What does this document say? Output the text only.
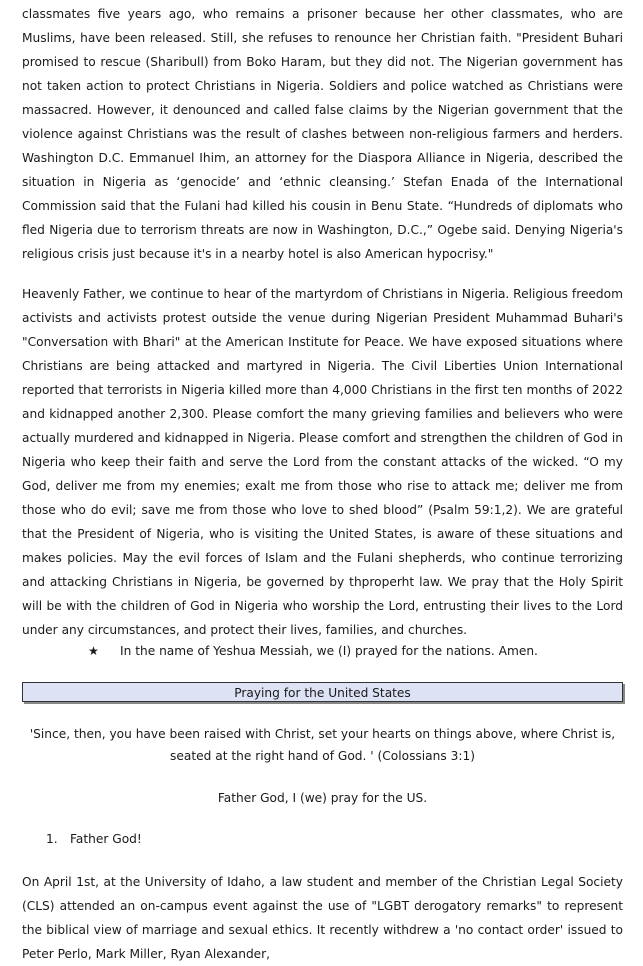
classmates five years ago, who remains a prisoner because her other classmates, who are Muslims, have been released. Still, she refuses to renounce her Christian faith. "President Buhari promised to rescue (Sharibull) from Boko Haram, but they did not. The Nigerian government has not taken action to protect Christians in Nigeria. Soldiers and police watched as Christians were massacred. However, it denounced and called false claims by the Nigerian government that the violence against Christians was the result of clashes between non-religious farmers and herders. Washington D.C. Emmanuel Ihim, an attorney for the Diaspora Alliance in Nigeria, described the situation in Nigeria as ‘genocide’ and ‘ethnic cleansing.’ Stefan Enada of the International Commission said that the Fulani had killed his cousin in Benu State. “Hundreds of diplomats who fled Nigeria due to terrorism threats are now in Washington, D.C.,” Ogebe said. Denying Nigeria's religious crisis just because it's in a nearby hotel is also American hypocrisy."

Heavenly Father, we continue to hear of the martyrdom of Christians in Nigeria. Religious freedom activists and activists protest outside the venue during Nigerian President Muhammad Buhari's "Conversation with Bhari" at the American Institute for Peace. We have exposed situations where Christians are being attacked and martyred in Nigeria. The Civil Liberties Union International reported that terrorists in Nigeria killed more than 4,000 Christians in the first ten months of 2022 and kidnapped another 2,300. Please comfort the many grieving families and believers who were actually murdered and kidnapped in Nigeria. Please comfort and strengthen the children of God in Nigeria who keep their faith and serve the Lord from the constant attacks of the wicked. “O my God, deliver me from my enemies; exalt me from those who rise to attack me; deliver me from those who do evil; save me from those who love to shed blood” (Psalm 59:1,2). We are grateful that the President of Nigeria, who is visiting the United States, is aware of these situations and makes policies. May the evil forces of Islam and the Fulani shepherds, who continue terrorizing and attacking Christians in Nigeria, be governed by thproperht law. We pray that the Holy Spirit will be with the children of God in Nigeria who worship the Lord, entrusting their lives to the Lord under any circumstances, and protect their lives, families, and churches.

★ In the name of Yeshua Messiah, we (I) prayed for the nations. Amen.
Praying for the United States
'Since, then, you have been raised with Christ, set your hearts on things above, where Christ is, seated at the right hand of God. ' (Colossians 3:1)
Father God, I (we) pray for the US.
1. Father God!

On April 1st, at the University of Idaho, a law student and member of the Christian Legal Society (CLS) attended an on-campus event against the use of "LGBT derogatory remarks" to represent the biblical view of marriage and sexual ethics. It recently withdrew a 'no contact order' issued to Peter Perlo, Mark Miller, Ryan Alexander,
